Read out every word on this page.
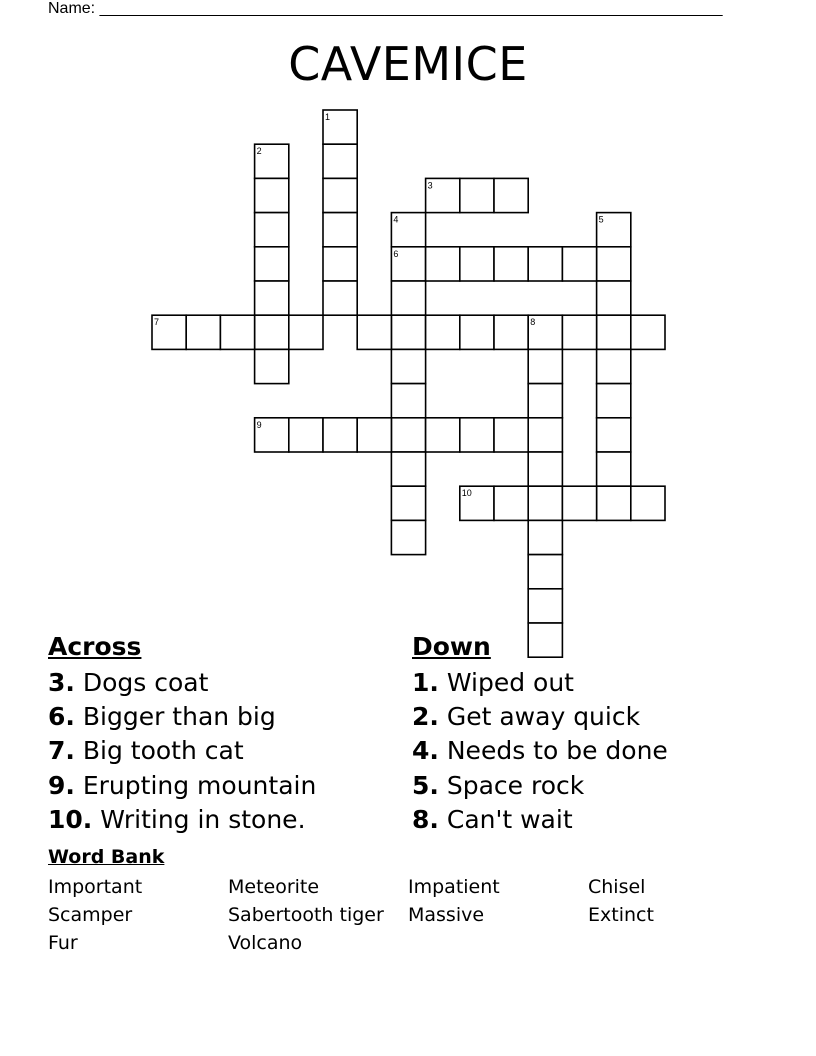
Name: ______________________________________________________________________
CAVEMICE
1
2
3
4	5
6
7	8
9
10
Across
3. Dogs coat
6. Bigger than big
7. Big tooth cat
9. Erupting mountain
10. Writing in stone.
Down
1. Wiped out
2. Get away quick
4. Needs to be done
5. Space rock
8. Can't wait
Word Bank
Important	Meteorite	Impatient	Chisel
Scamper	Sabertooth tiger	Massive	Extinct
Fur	Volcano
